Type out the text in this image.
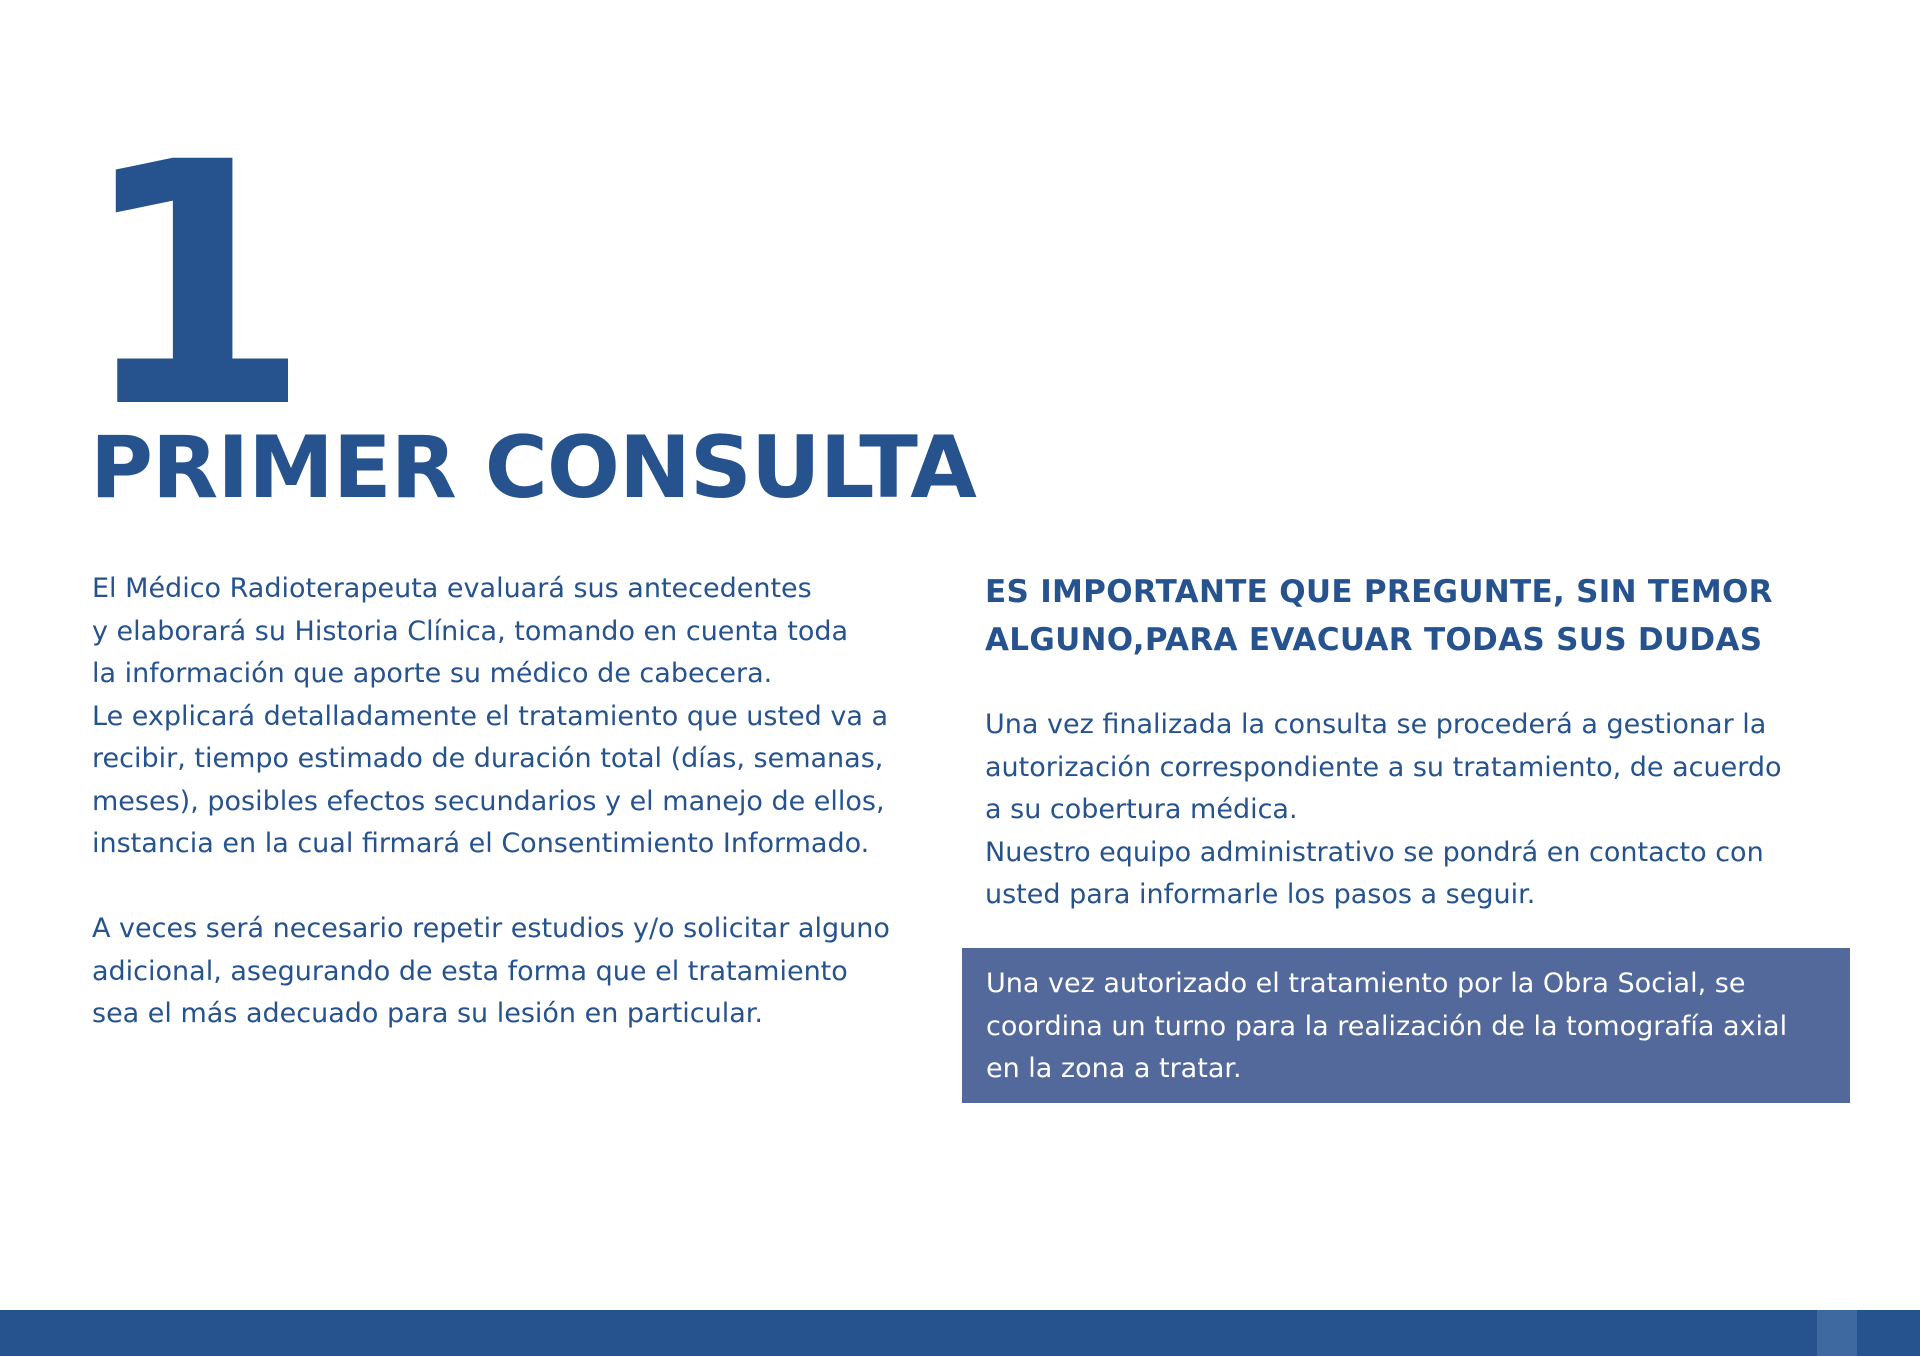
1
PRIMER CONSULTA

El Médico Radioterapeuta evaluará sus antecedentes
y elaborará su Historia Clínica, tomando en cuenta toda
la información que aporte su médico de cabecera.
Le explicará detalladamente el tratamiento que usted va a
recibir, tiempo estimado de duración total (días, semanas,
meses), posibles efectos secundarios y el manejo de ellos,
instancia en la cual firmará el Consentimiento Informado.

A veces será necesario repetir estudios y/o solicitar alguno
adicional, asegurando de esta forma que el tratamiento
sea el más adecuado para su lesión en particular.

ES IMPORTANTE QUE PREGUNTE, SIN TEMOR
ALGUNO,PARA EVACUAR TODAS SUS DUDAS

Una vez finalizada la consulta se procederá a gestionar la
autorización correspondiente a su tratamiento, de acuerdo
a su cobertura médica.
Nuestro equipo administrativo se pondrá en contacto con
usted para informarle los pasos a seguir.

Una vez autorizado el tratamiento por la Obra Social, se
coordina un turno para la realización de la tomografía axial
en la zona a tratar.
